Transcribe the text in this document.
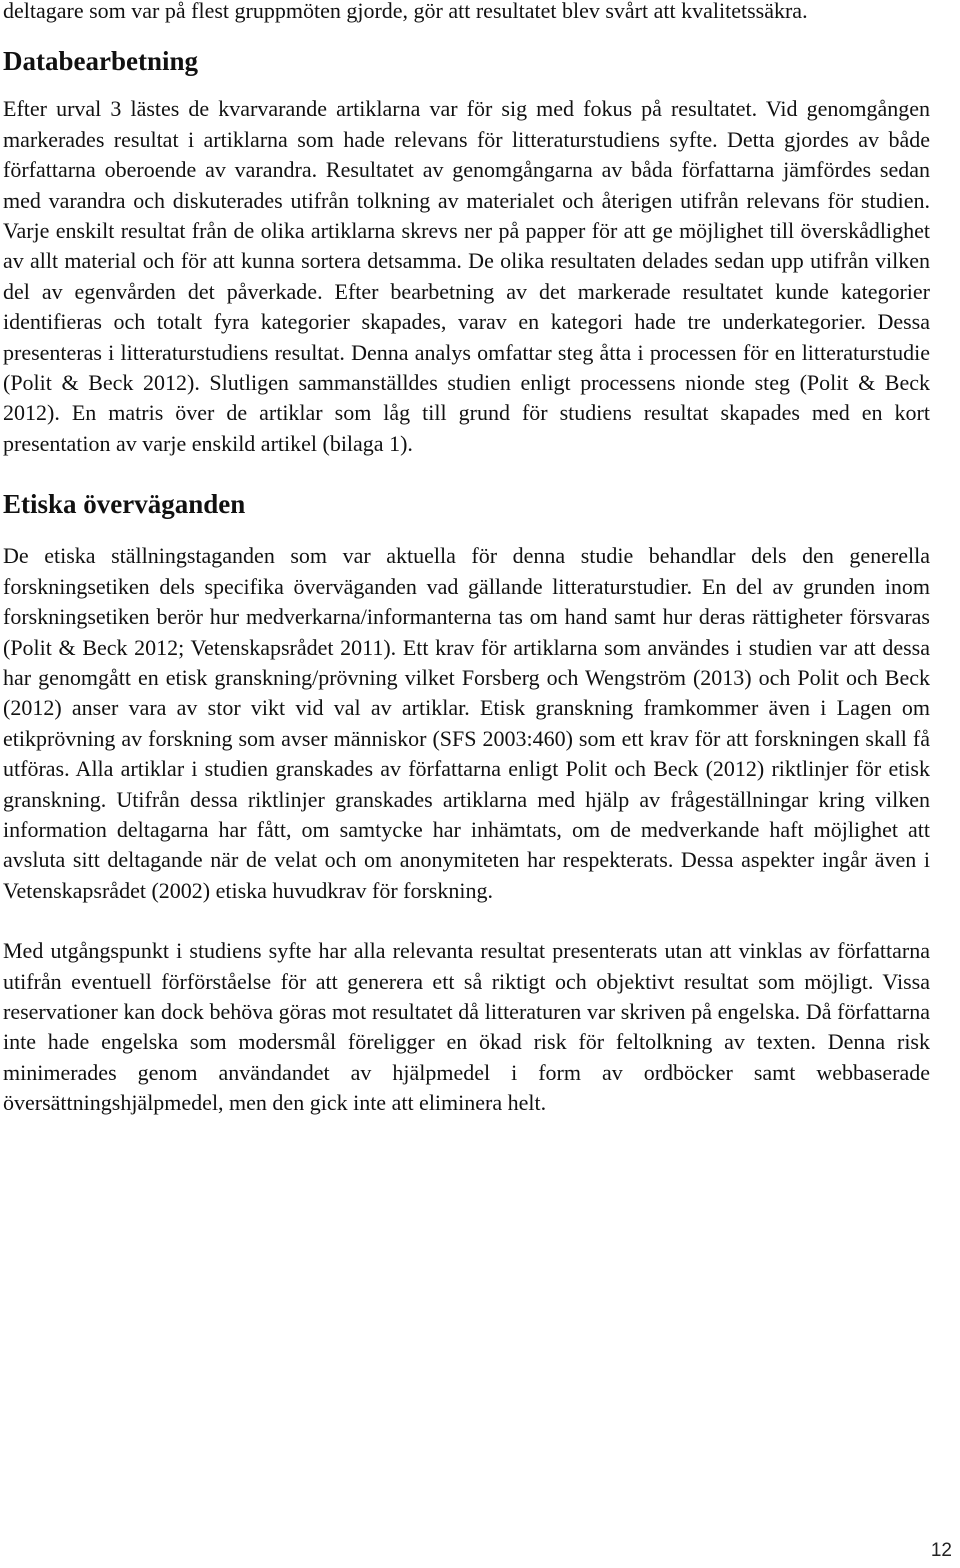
deltagare som var på flest gruppmöten gjorde, gör att resultatet blev svårt att kvalitetssäkra.

Databearbetning

Efter urval 3 lästes de kvarvarande artiklarna var för sig med fokus på resultatet. Vid genomgången markerades resultat i artiklarna som hade relevans för litteraturstudiens syfte. Detta gjordes av både författarna oberoende av varandra. Resultatet av genomgångarna av båda författarna jämfördes sedan med varandra och diskuterades utifrån tolkning av materialet och återigen utifrån relevans för studien. Varje enskilt resultat från de olika artiklarna skrevs ner på papper för att ge möjlighet till överskådlighet av allt material och för att kunna sortera detsamma. De olika resultaten delades sedan upp utifrån vilken del av egenvården det påverkade. Efter bearbetning av det markerade resultatet kunde kategorier identifieras och totalt fyra kategorier skapades, varav en kategori hade tre underkategorier. Dessa presenteras i litteraturstudiens resultat. Denna analys omfattar steg åtta i processen för en litteraturstudie (Polit & Beck 2012). Slutligen sammanställdes studien enligt processens nionde steg (Polit & Beck 2012). En matris över de artiklar som låg till grund för studiens resultat skapades med en kort presentation av varje enskild artikel (bilaga 1).

Etiska överväganden

De etiska ställningstaganden som var aktuella för denna studie behandlar dels den generella forskningsetiken dels specifika överväganden vad gällande litteraturstudier. En del av grunden inom forskningsetiken berör hur medverkarna/informanterna tas om hand samt hur deras rättigheter försvaras (Polit & Beck 2012; Vetenskapsrådet 2011). Ett krav för artiklarna som användes i studien var att dessa har genomgått en etisk granskning/prövning vilket Forsberg och Wengström (2013) och Polit och Beck (2012) anser vara av stor vikt vid val av artiklar. Etisk granskning framkommer även i Lagen om etikprövning av forskning som avser människor (SFS 2003:460) som ett krav för att forskningen skall få utföras. Alla artiklar i studien granskades av författarna enligt Polit och Beck (2012) riktlinjer för etisk granskning. Utifrån dessa riktlinjer granskades artiklarna med hjälp av frågeställningar kring vilken information deltagarna har fått, om samtycke har inhämtats, om de medverkande haft möjlighet att avsluta sitt deltagande när de velat och om anonymiteten har respekterats. Dessa aspekter ingår även i Vetenskapsrådet (2002) etiska huvudkrav för forskning.

Med utgångspunkt i studiens syfte har alla relevanta resultat presenterats utan att vinklas av författarna utifrån eventuell förförståelse för att generera ett så riktigt och objektivt resultat som möjligt. Vissa reservationer kan dock behöva göras mot resultatet då litteraturen var skriven på engelska. Då författarna inte hade engelska som modersmål föreligger en ökad risk för feltolkning av texten. Denna risk minimerades genom användandet av hjälpmedel i form av ordböcker samt webbaserade översättningshjälpmedel, men den gick inte att eliminera helt.

12
